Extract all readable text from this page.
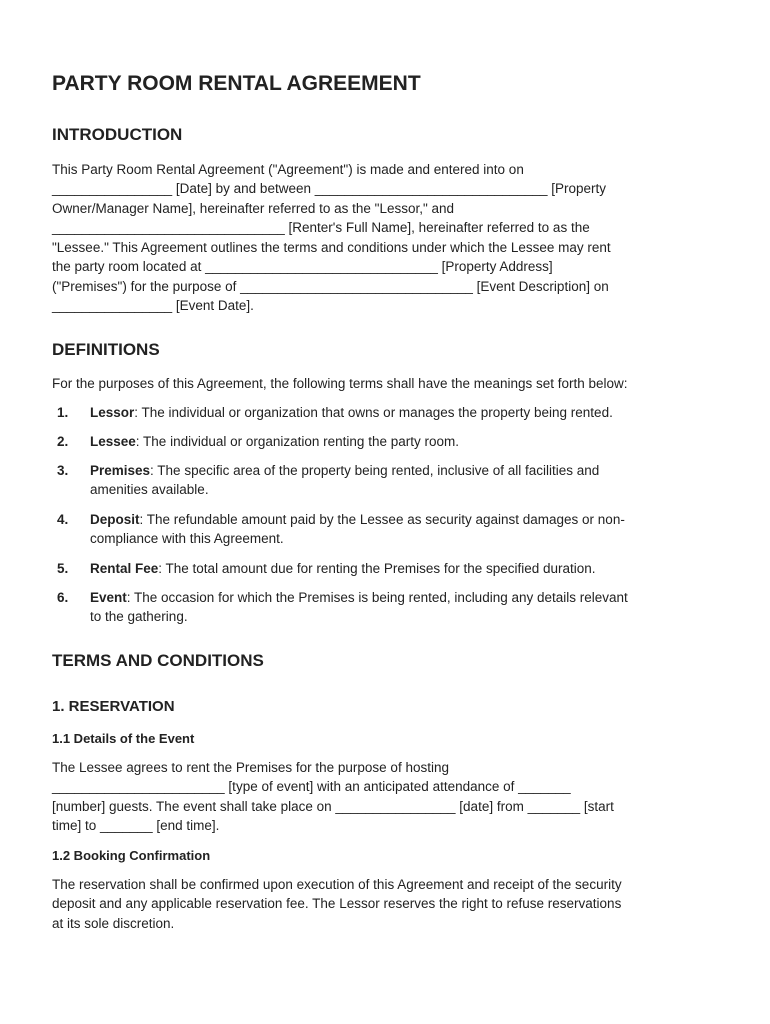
PARTY ROOM RENTAL AGREEMENT
INTRODUCTION

This Party Room Rental Agreement ("Agreement") is made and entered into on

________________ [Date] by and between _______________________________ [Property

Owner/Manager Name], hereinafter referred to as the "Lessor," and

_______________________________ [Renter's Full Name], hereinafter referred to as the

"Lessee." This Agreement outlines the terms and conditions under which the Lessee may rent

the party room located at _______________________________ [Property Address]

("Premises") for the purpose of _______________________________ [Event Description] on

________________ [Event Date].

DEFINITIONS

For the purposes of this Agreement, the following terms shall have the meanings set forth below:

1. Lessor: The individual or organization that owns or manages the property being rented.
2. Lessee: The individual or organization renting the party room.
3. Premises: The specific area of the property being rented, inclusive of all facilities and
amenities available.
4. Deposit: The refundable amount paid by the Lessee as security against damages or non-
compliance with this Agreement.
5. Rental Fee: The total amount due for renting the Premises for the specified duration.
6. Event: The occasion for which the Premises is being rented, including any details relevant
to the gathering.
TERMS AND CONDITIONS
1. RESERVATION
1.1 Details of the Event

The Lessee agrees to rent the Premises for the purpose of hosting

_______________________ [type of event] with an anticipated attendance of _______

[number] guests. The event shall take place on ________________ [date] from _______ [start

time] to _______ [end time].

1.2 Booking Confirmation

The reservation shall be confirmed upon execution of this Agreement and receipt of the security

deposit and any applicable reservation fee. The Lessor reserves the right to refuse reservations

at its sole discretion.
